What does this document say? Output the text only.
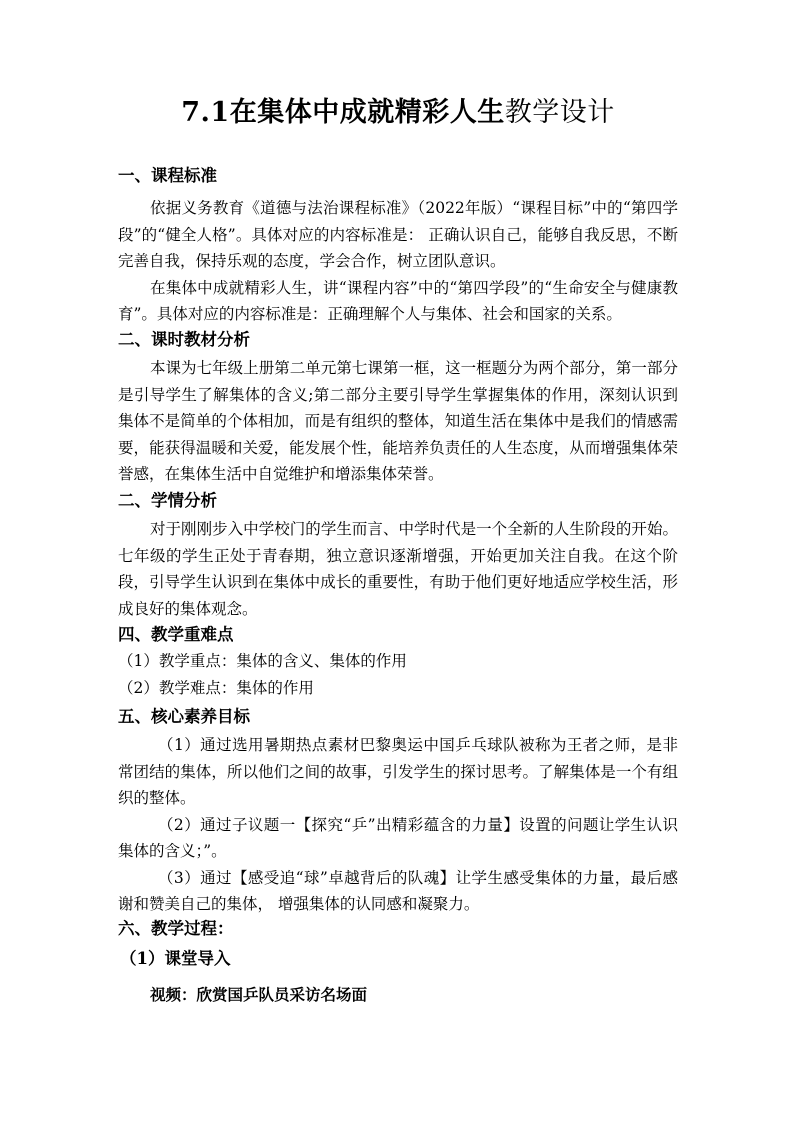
7.1在集体中成就精彩人生教学设计
一、课程标准
依据义务教育《道德与法治课程标准》（2022年版）“课程目标”中的“第四学段”的“健全人格”。具体对应的内容标准是： 正确认识自己，能够自我反思，不断完善自我，保持乐观的态度，学会合作，树立团队意识。
在集体中成就精彩人生，讲“课程内容”中的“第四学段”的“生命安全与健康教育”。具体对应的内容标准是：正确理解个人与集体、社会和国家的关系。
二、课时教材分析
本课为七年级上册第二单元第七课第一框，这一框题分为两个部分，第一部分是引导学生了解集体的含义;第二部分主要引导学生掌握集体的作用，深刻认识到集体不是简单的个体相加，而是有组织的整体，知道生活在集体中是我们的情感需要，能获得温暖和关爱，能发展个性，能培养负责任的人生态度，从而增强集体荣誉感，在集体生活中自觉维护和增添集体荣誉。
二、学情分析
对于刚刚步入中学校门的学生而言、中学时代是一个全新的人生阶段的开始。七年级的学生正处于青春期，独立意识逐渐增强，开始更加关注自我。在这个阶段，引导学生认识到在集体中成长的重要性，有助于他们更好地适应学校生活，形成良好的集体观念。
四、教学重难点
（1）教学重点：集体的含义、集体的作用
（2）教学难点：集体的作用
五、核心素养目标
（1）通过选用暑期热点素材巴黎奥运中国乒乓球队被称为王者之师，是非常团结的集体，所以他们之间的故事，引发学生的探讨思考。了解集体是一个有组织的整体。
（2）通过子议题一【探究“乒”出精彩蕴含的力量】设置的问题让学生认识集体的含义；”。
（3）通过【感受追“球”卓越背后的队魂】让学生感受集体的力量，最后感谢和赞美自己的集体， 增强集体的认同感和凝聚力。
六、教学过程：
（1）课堂导入
视频：欣赏国乒队员采访名场面
